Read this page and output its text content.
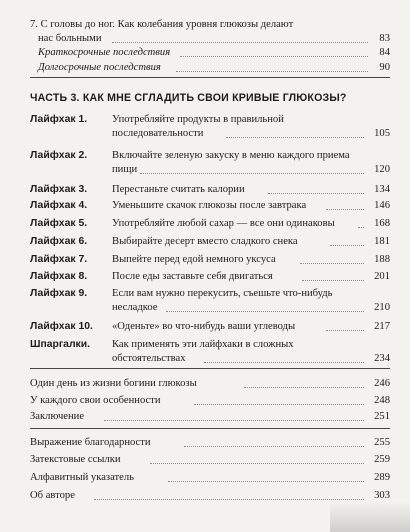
7. С головы до ног. Как колебания уровня глюкозы делают
нас больными	83
Краткосрочные последствия	84
Долгосрочные последствия	90
ЧАСТЬ 3. КАК МНЕ СГЛАДИТЬ СВОИ КРИВЫЕ ГЛЮКОЗЫ?
Лайфхак 1. Употребляйте продукты в правильной
последовательности	105
Лайфхак 2. Включайте зеленую закуску в меню каждого приема
пищи	120
Лайфхак 3. Перестаньте считать калории	134
Лайфхак 4. Уменьшите скачок глюкозы после завтрака	146
Лайфхак 5. Употребляйте любой сахар — все они одинаковы	168
Лайфхак 6. Выбирайте десерт вместо сладкого снека	181
Лайфхак 7. Выпейте перед едой немного уксуса	188
Лайфхак 8. После еды заставьте себя двигаться	201
Лайфхак 9. Если вам нужно перекусить, съешьте что-нибудь
несладкое	210
Лайфхак 10. «Оденьте» во что-нибудь ваши углеводы	217
Шпаргалки. Как применять эти лайфхаки в сложных
обстоятельствах	234
Один день из жизни богини глюкозы	246
У каждого свои особенности	248
Заключение	251
Выражение благодарности	255
Затекстовые ссылки	259
Алфавитный указатель	289
Об авторе	303
